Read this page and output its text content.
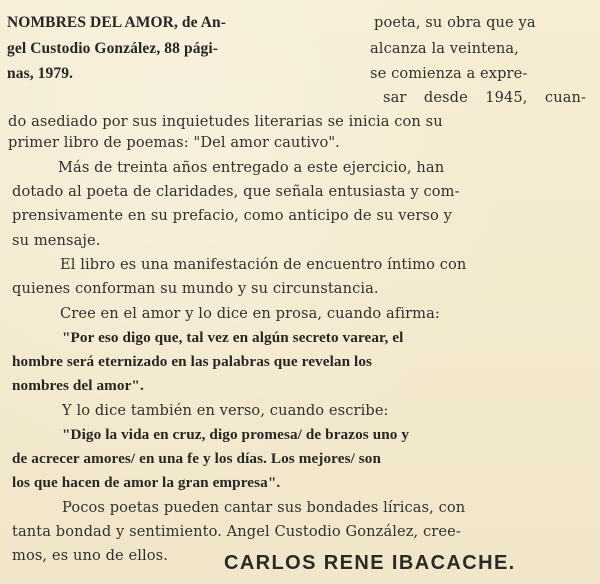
NOMBRES DEL AMOR, de An-
gel Custodio González, 88 pági-
nas, 1979.
poeta, su obra que ya
alcanza la veintena,
se comienza a expre-
sar desde 1945, cuan-
do asediado por sus inquietudes literarias se inicia con su
primer libro de poemas: "Del amor cautivo".
Más de treinta años entregado a este ejercicio, han
dotado al poeta de claridades, que señala entusiasta y com-
prensivamente en su prefacio, como anticipo de su verso y
su mensaje.
El libro es una manifestación de encuentro íntimo con
quienes conforman su mundo y su circunstancia.
Cree en el amor y lo dice en prosa, cuando afirma:
"Por eso digo que, tal vez en algún secreto varear, el
hombre será eternizado en las palabras que revelan los
nombres del amor".
Y lo dice también en verso, cuando escribe:
"Digo la vida en cruz, digo promesa/ de brazos uno y
de acrecer amores/ en una fe y los días. Los mejores/ son
los que hacen de amor la gran empresa".
Pocos poetas pueden cantar sus bondades líricas, con
tanta bondad y sentimiento. Angel Custodio González, cree-
mos, es uno de ellos.	CARLOS RENE IBACACHE.
